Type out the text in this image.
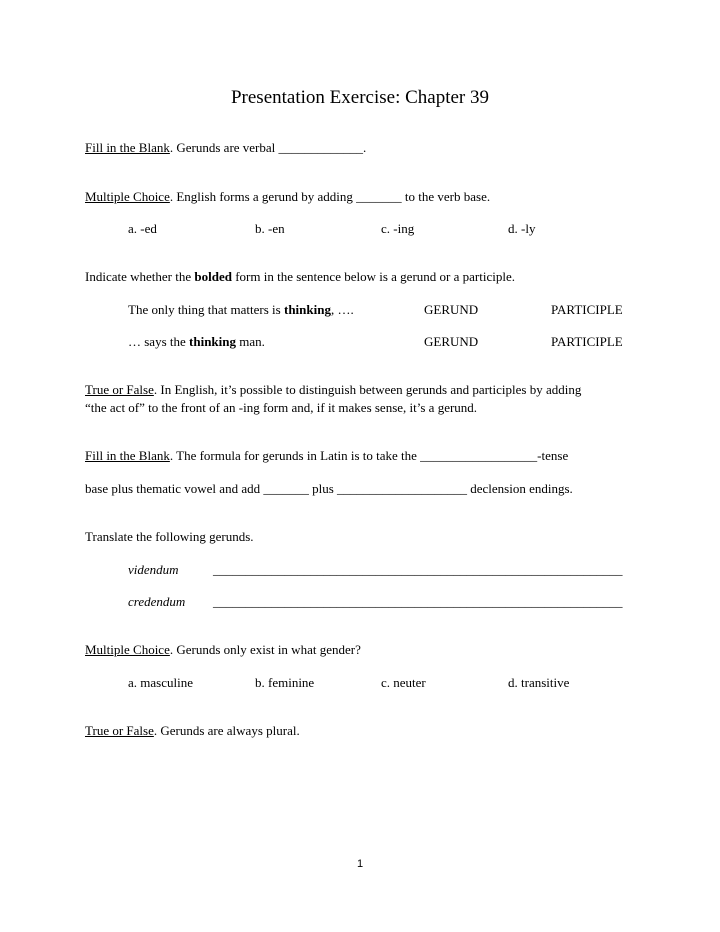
Presentation Exercise: Chapter 39
Fill in the Blank. Gerunds are verbal _____________.
Multiple Choice. English forms a gerund by adding _______ to the verb base.
a. -ed	b. -en	c. -ing	d. -ly
Indicate whether the bolded form in the sentence below is a gerund or a participle.
The only thing that matters is thinking, ….	GERUND	PARTICIPLE
… says the thinking man.	GERUND	PARTICIPLE
True or False. In English, it’s possible to distinguish between gerunds and participles by adding
“the act of” to the front of an -ing form and, if it makes sense, it’s a gerund.
Fill in the Blank. The formula for gerunds in Latin is to take the __________________-tense
base plus thematic vowel and add _______ plus ____________________ declension endings.
Translate the following gerunds.
videndum	_______________________________________________________________
credendum _______________________________________________________________
Multiple Choice. Gerunds only exist in what gender?
a. masculine	b. feminine	c. neuter	d. transitive
True or False. Gerunds are always plural.
1
